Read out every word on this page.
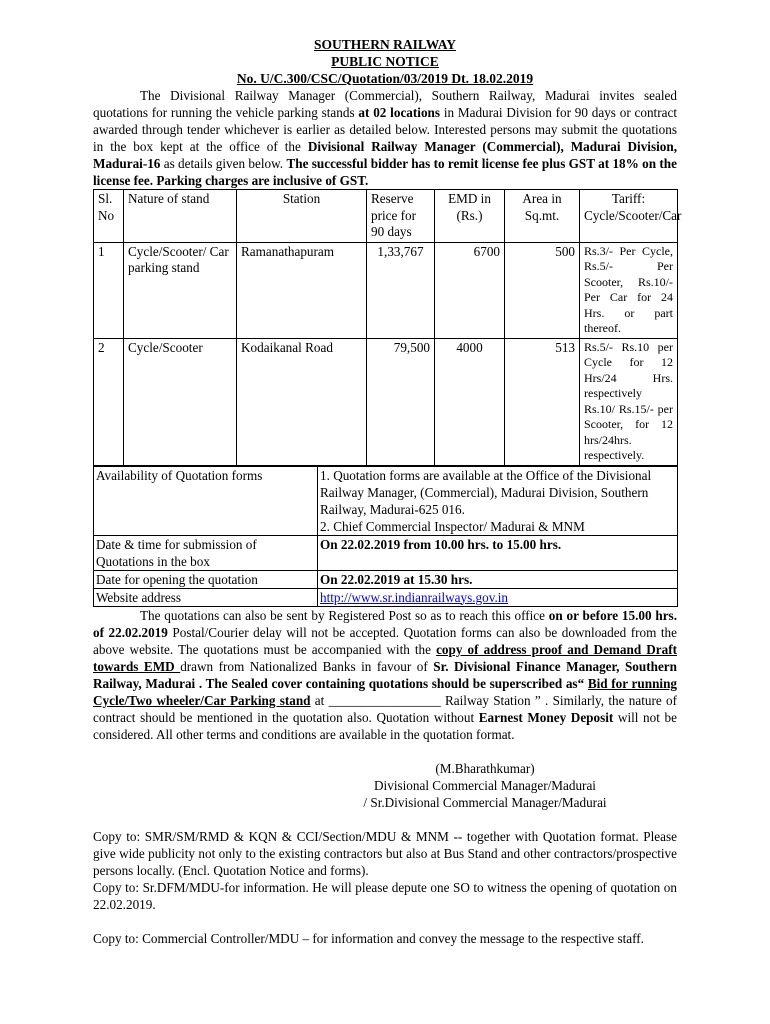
SOUTHERN RAILWAY
PUBLIC NOTICE
No. U/C.300/CSC/Quotation/03/2019 Dt. 18.02.2019

The Divisional Railway Manager (Commercial), Southern Railway, Madurai invites sealed quotations for running the vehicle parking stands at 02 locations in Madurai Division for 90 days or contract awarded through tender whichever is earlier as detailed below. Interested persons may submit the quotations in the box kept at the office of the Divisional Railway Manager (Commercial), Madurai Division, Madurai-16 as details given below. The successful bidder has to remit license fee plus GST at 18% on the license fee. Parking charges are inclusive of GST.

Sl. No	Nature of stand	Station	Reserve price for 90 days	EMD in (Rs.)	Area in Sq.mt.	Tariff: Cycle/Scooter/Car
1	Cycle/Scooter/ Car parking stand	Ramanathapuram	1,33,767	6700	500	Rs.3/- Per Cycle, Rs.5/- Per Scooter, Rs.10/- Per Car for 24 Hrs. or part thereof.
2	Cycle/Scooter	Kodaikanal Road	79,500	4000	513	Rs.5/- Rs.10 per Cycle for 12 Hrs/24 Hrs. respectively Rs.10/ Rs.15/- per Scooter, for 12 hrs/24hrs. respectively.
Availability of Quotation forms	1. Quotation forms are available at the Office of the Divisional Railway Manager, (Commercial), Madurai Division, Southern Railway, Madurai-625 016.
2. Chief Commercial Inspector/ Madurai & MNM

Date & time for submission of Quotations in the box	On 22.02.2019 from 10.00 hrs. to 15.00 hrs.
Date for opening the quotation	On 22.02.2019 at 15.30 hrs.
Website address	http://www.sr.indianrailways.gov.in

The quotations can also be sent by Registered Post so as to reach this office on or before 15.00 hrs. of 22.02.2019 Postal/Courier delay will not be accepted. Quotation forms can also be downloaded from the above website. The quotations must be accompanied with the copy of address proof and Demand Draft towards EMD drawn from Nationalized Banks in favour of Sr. Divisional Finance Manager, Southern Railway, Madurai . The Sealed cover containing quotations should be superscribed as“ Bid for running Cycle/Two wheeler/Car Parking stand at _________________ Railway Station ” . Similarly, the nature of contract should be mentioned in the quotation also. Quotation without Earnest Money Deposit will not be considered. All other terms and conditions are available in the quotation format.

(M.Bharathkumar)
Divisional Commercial Manager/Madurai
/ Sr.Divisional Commercial Manager/Madurai

Copy to: SMR/SM/RMD & KQN & CCI/Section/MDU & MNM -- together with Quotation format. Please give wide publicity not only to the existing contractors but also at Bus Stand and other contractors/prospective persons locally. (Encl. Quotation Notice and forms).

Copy to: Sr.DFM/MDU-for information. He will please depute one SO to witness the opening of quotation on 22.02.2019.

Copy to: Commercial Controller/MDU – for information and convey the message to the respective staff.
